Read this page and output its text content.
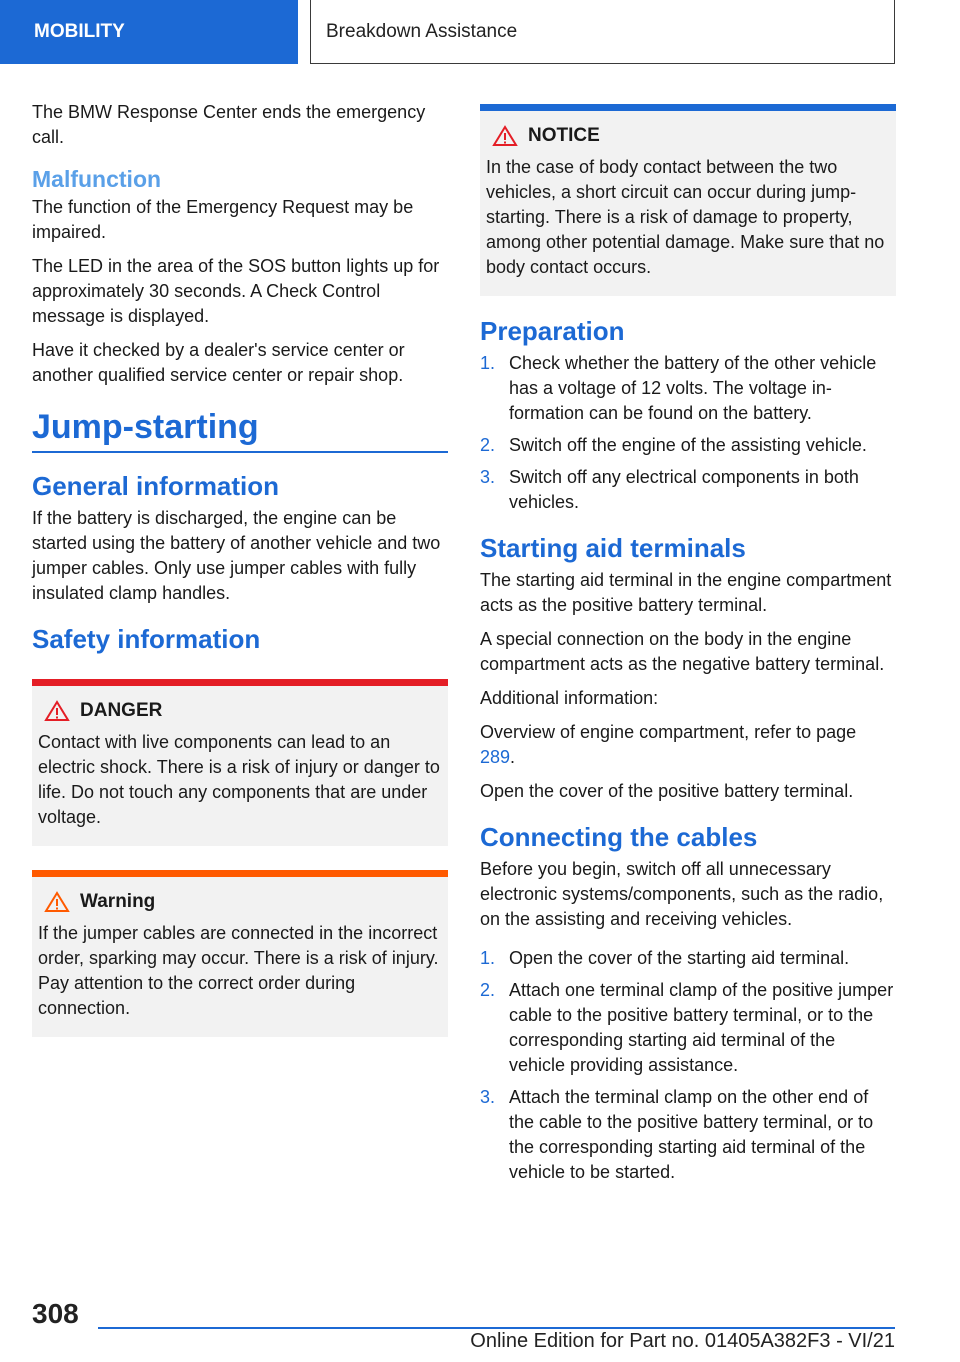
MOBILITY	Breakdown Assistance

The BMW Response Center ends the emergency call.

Malfunction

The function of the Emergency Request may be impaired.

The LED in the area of the SOS button lights up for approximately 30 seconds. A Check Control message is displayed.

Have it checked by a dealer's service center or another qualified service center or repair shop.

Jump-starting
General information

If the battery is discharged, the engine can be started using the battery of another vehicle and two jumper cables. Only use jumper cables with fully insulated clamp handles.

Safety information
DANGER

Contact with live components can lead to an electric shock. There is a risk of injury or danger to life. Do not touch any components that are under voltage.

Warning

If the jumper cables are connected in the incorrect order, sparking may occur. There is a risk of injury. Pay attention to the correct order during connection.

NOTICE

In the case of body contact between the two vehicles, a short circuit can occur during jump-starting. There is a risk of damage to property, among other potential damage. Make sure that no body contact occurs.

Preparation
1. Check whether the battery of the other vehicle has a voltage of 12 volts. The voltage information can be found on the battery.
2. Switch off the engine of the assisting vehicle.
3. Switch off any electrical components in both vehicles.
Starting aid terminals

The starting aid terminal in the engine compartment acts as the positive battery terminal.

A special connection on the body in the engine compartment acts as the negative battery terminal.

Additional information:

Overview of engine compartment, refer to page 289.

Open the cover of the positive battery terminal.

Connecting the cables

Before you begin, switch off all unnecessary electronic systems/components, such as the radio, on the assisting and receiving vehicles.

1. Open the cover of the starting aid terminal.
2. Attach one terminal clamp of the positive jumper cable to the positive battery terminal, or to the corresponding starting aid terminal of the vehicle providing assistance.
3. Attach the terminal clamp on the other end of the cable to the positive battery terminal, or to the corresponding starting aid terminal of the vehicle to be started.
308
Online Edition for Part no. 01405A382F3 - VI/21
